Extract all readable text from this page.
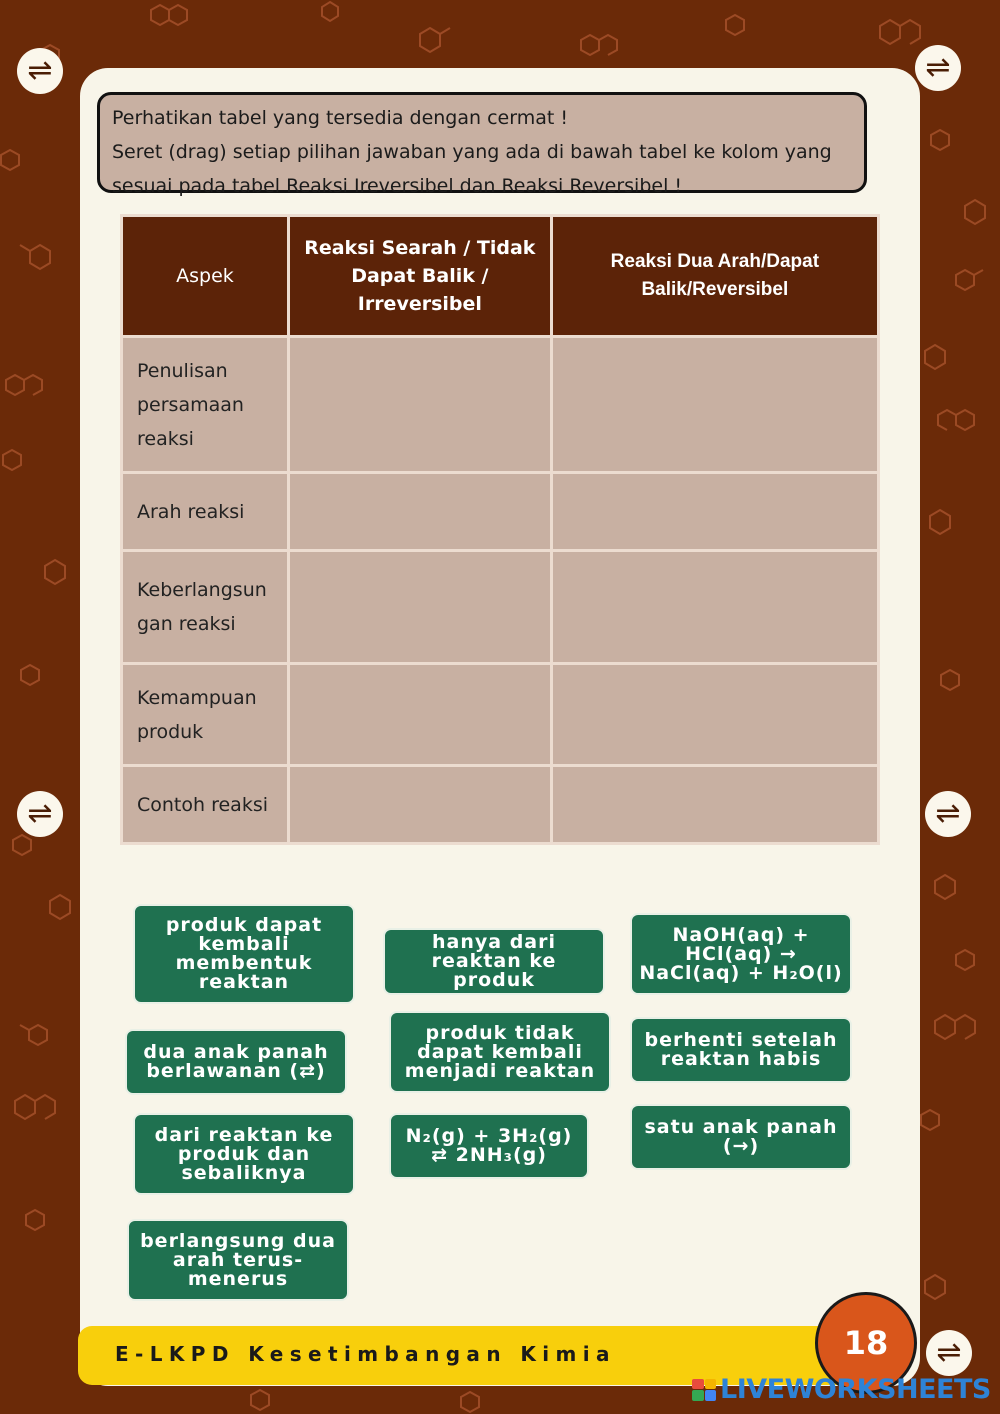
⇌	⇌
⇌	⇌
⇌
Perhatikan tabel yang tersedia dengan cermat !
Seret (drag) setiap pilihan jawaban yang ada di bawah tabel ke kolom yang
sesuai pada tabel Reaksi Ireversibel dan Reaksi Reversibel !
Aspek	Reaksi Searah / Tidak Dapat Balik / Irreversibel	Reaksi Dua Arah/Dapat Balik/Reversibel
Penulisan persamaan reaksi		
Arah reaksi		
Keberlangsungan reaksi		
Kemampuan produk		
Contoh reaksi		
produk dapat kembali membentuk reaktan
hanya dari reaktan ke produk
NaOH(aq) + HCl(aq) → NaCl(aq) + H₂O(l)
dua anak panah berlawanan (⇄)
produk tidak dapat kembali menjadi reaktan
berhenti setelah reaktan habis
dari reaktan ke produk dan sebaliknya
N₂(g) + 3H₂(g) ⇄ 2NH₃(g)
satu anak panah (→)
berlangsung dua arah terus-menerus
E-LKPD Kesetimbangan Kimia	18
LIVEWORKSHEETS
